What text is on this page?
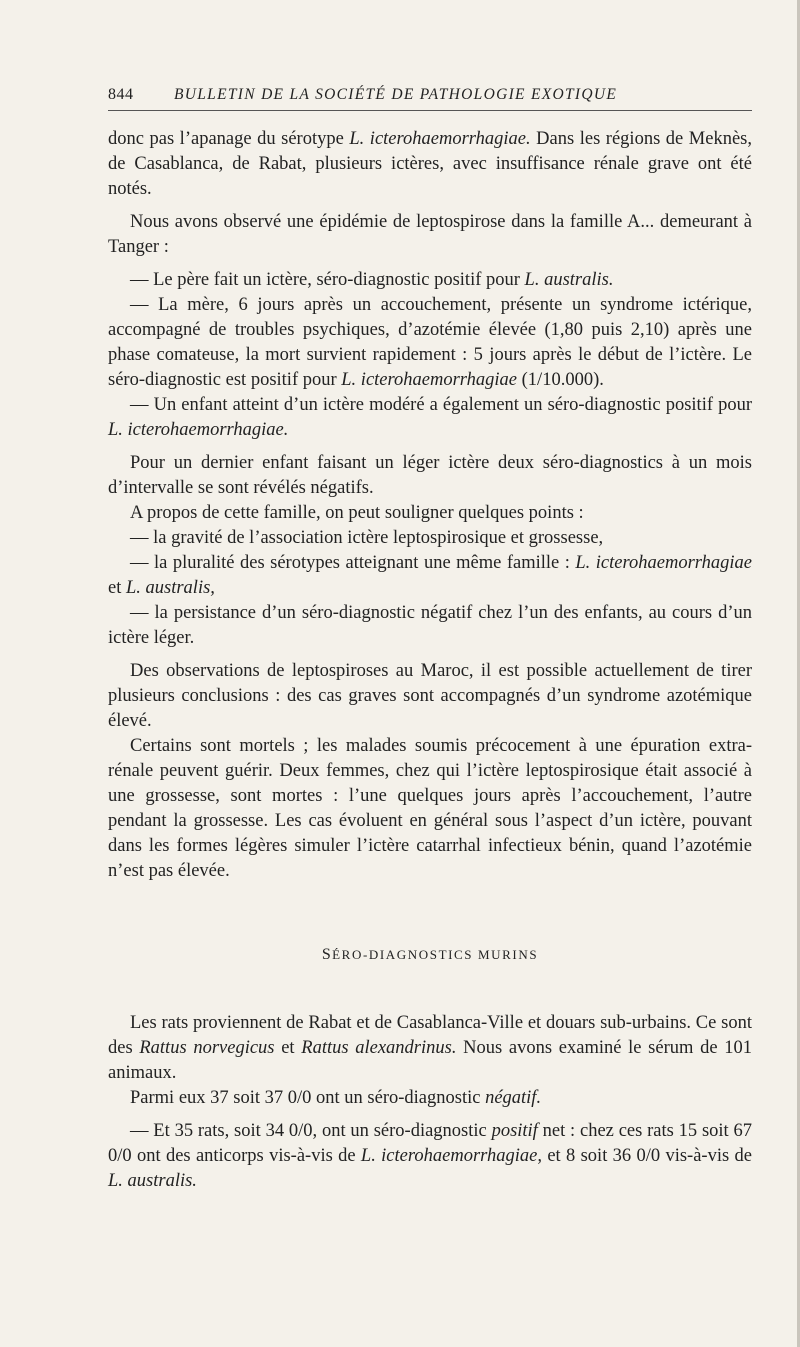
844	BULLETIN DE LA SOCIÉTÉ DE PATHOLOGIE EXOTIQUE

donc pas l’apanage du sérotype L. icterohaemorrhagiae. Dans les régions de Meknès, de Casablanca, de Rabat, plusieurs ictères, avec insuffisance rénale grave ont été notés.

Nous avons observé une épidémie de leptospirose dans la famille A... demeurant à Tanger :

— Le père fait un ictère, séro-diagnostic positif pour L. australis.

— La mère, 6 jours après un accouchement, présente un syndrome ictérique, accompagné de troubles psychiques, d’azotémie élevée (1,80 puis 2,10) après une phase comateuse, la mort survient rapidement : 5 jours après le début de l’ictère. Le séro-diagnostic est positif pour L. icterohaemorrhagiae (1/10.000).

— Un enfant atteint d’un ictère modéré a également un séro-diagnostic positif pour L. icterohaemorrhagiae.

Pour un dernier enfant faisant un léger ictère deux séro-diagnostics à un mois d’intervalle se sont révélés négatifs.

A propos de cette famille, on peut souligner quelques points :

— la gravité de l’association ictère leptospirosique et grossesse,

— la pluralité des sérotypes atteignant une même famille : L. icterohaemorrhagiae et L. australis,

— la persistance d’un séro-diagnostic négatif chez l’un des enfants, au cours d’un ictère léger.

Des observations de leptospiroses au Maroc, il est possible actuellement de tirer plusieurs conclusions : des cas graves sont accompagnés d’un syndrome azotémique élevé.

Certains sont mortels ; les malades soumis précocement à une épuration extra-rénale peuvent guérir. Deux femmes, chez qui l’ictère leptospirosique était associé à une grossesse, sont mortes : l’une quelques jours après l’accouchement, l’autre pendant la grossesse. Les cas évoluent en général sous l’aspect d’un ictère, pouvant dans les formes légères simuler l’ictère catarrhal infectieux bénin, quand l’azotémie n’est pas élevée.

SÉRO-DIAGNOSTICS MURINS

Les rats proviennent de Rabat et de Casablanca-Ville et douars sub-urbains. Ce sont des Rattus norvegicus et Rattus alexandrinus. Nous avons examiné le sérum de 101 animaux.

Parmi eux 37 soit 37 0/0 ont un séro-diagnostic négatif.

— Et 35 rats, soit 34 0/0, ont un séro-diagnostic positif net : chez ces rats 15 soit 67 0/0 ont des anticorps vis-à-vis de L. icterohaemorrhagiae, et 8 soit 36 0/0 vis-à-vis de L. australis.
